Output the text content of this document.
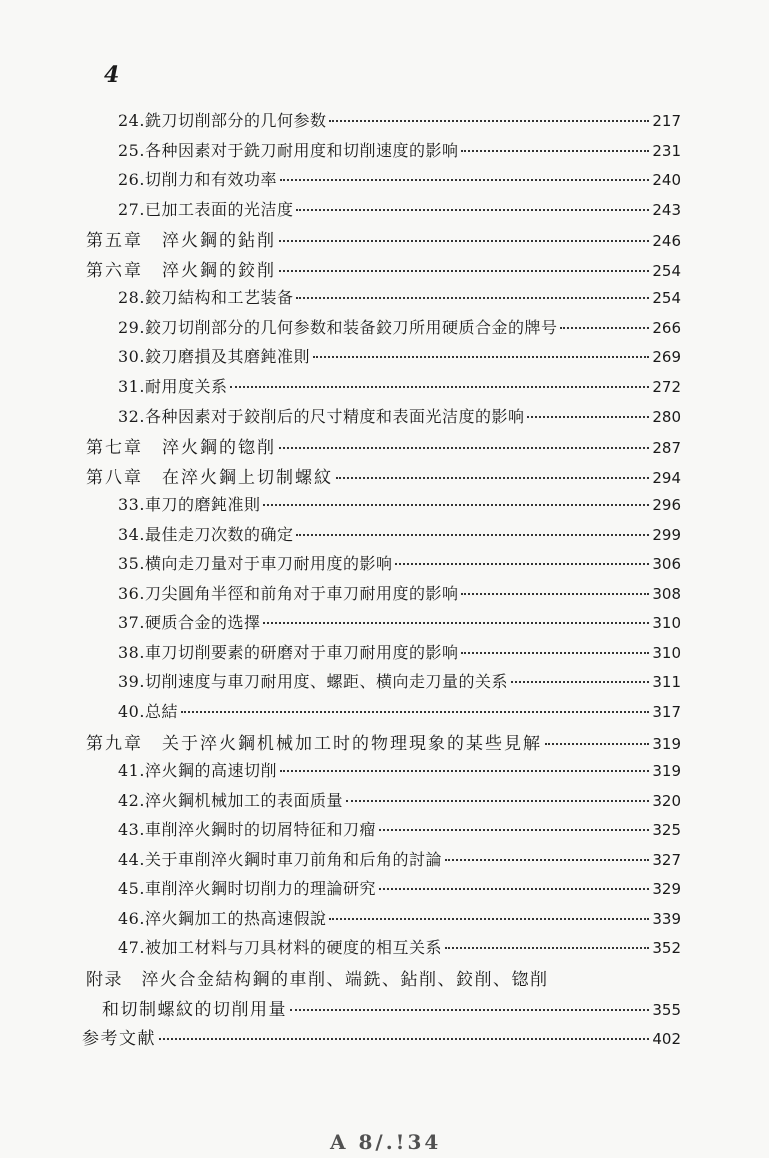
4
24.銑刀切削部分的几何参数	217
25.各种因素对于銑刀耐用度和切削速度的影响	231
26.切削力和有效功率	240
27.已加工表面的光洁度	243
第五章　淬火鋼的鉆削	246
第六章　淬火鋼的鉸削	254
28.鉸刀結构和工艺装备	254
29.鉸刀切削部分的几何参数和装备鉸刀所用硬质合金的牌号	266
30.鉸刀磨損及其磨鈍准則	269
31.耐用度关系	272
32.各种因素对于鉸削后的尺寸精度和表面光洁度的影响	280
第七章　淬火鋼的锪削	287
第八章　在淬火鋼上切制螺紋	294
33.車刀的磨鈍准則	296
34.最佳走刀次数的确定	299
35.横向走刀量对于車刀耐用度的影响	306
36.刀尖圓角半徑和前角对于車刀耐用度的影响	308
37.硬质合金的选擇	310
38.車刀切削要素的研磨对于車刀耐用度的影响	310
39.切削速度与車刀耐用度、螺距、横向走刀量的关系	311
40.总結	317
第九章　关于淬火鋼机械加工时的物理現象的某些見解	319
41.淬火鋼的高速切削	319
42.淬火鋼机械加工的表面质量	320
43.車削淬火鋼时的切屑特征和刀瘤	325
44.关于車削淬火鋼时車刀前角和后角的討論	327
45.車削淬火鋼时切削力的理論研究	329
46.淬火鋼加工的热高速假說	339
47.被加工材料与刀具材料的硬度的相互关系	352
附录　淬火合金結构鋼的車削、端銑、鉆削、鉸削、锪削
和切制螺紋的切削用量	355
参考文献	402
A 8/.!34
